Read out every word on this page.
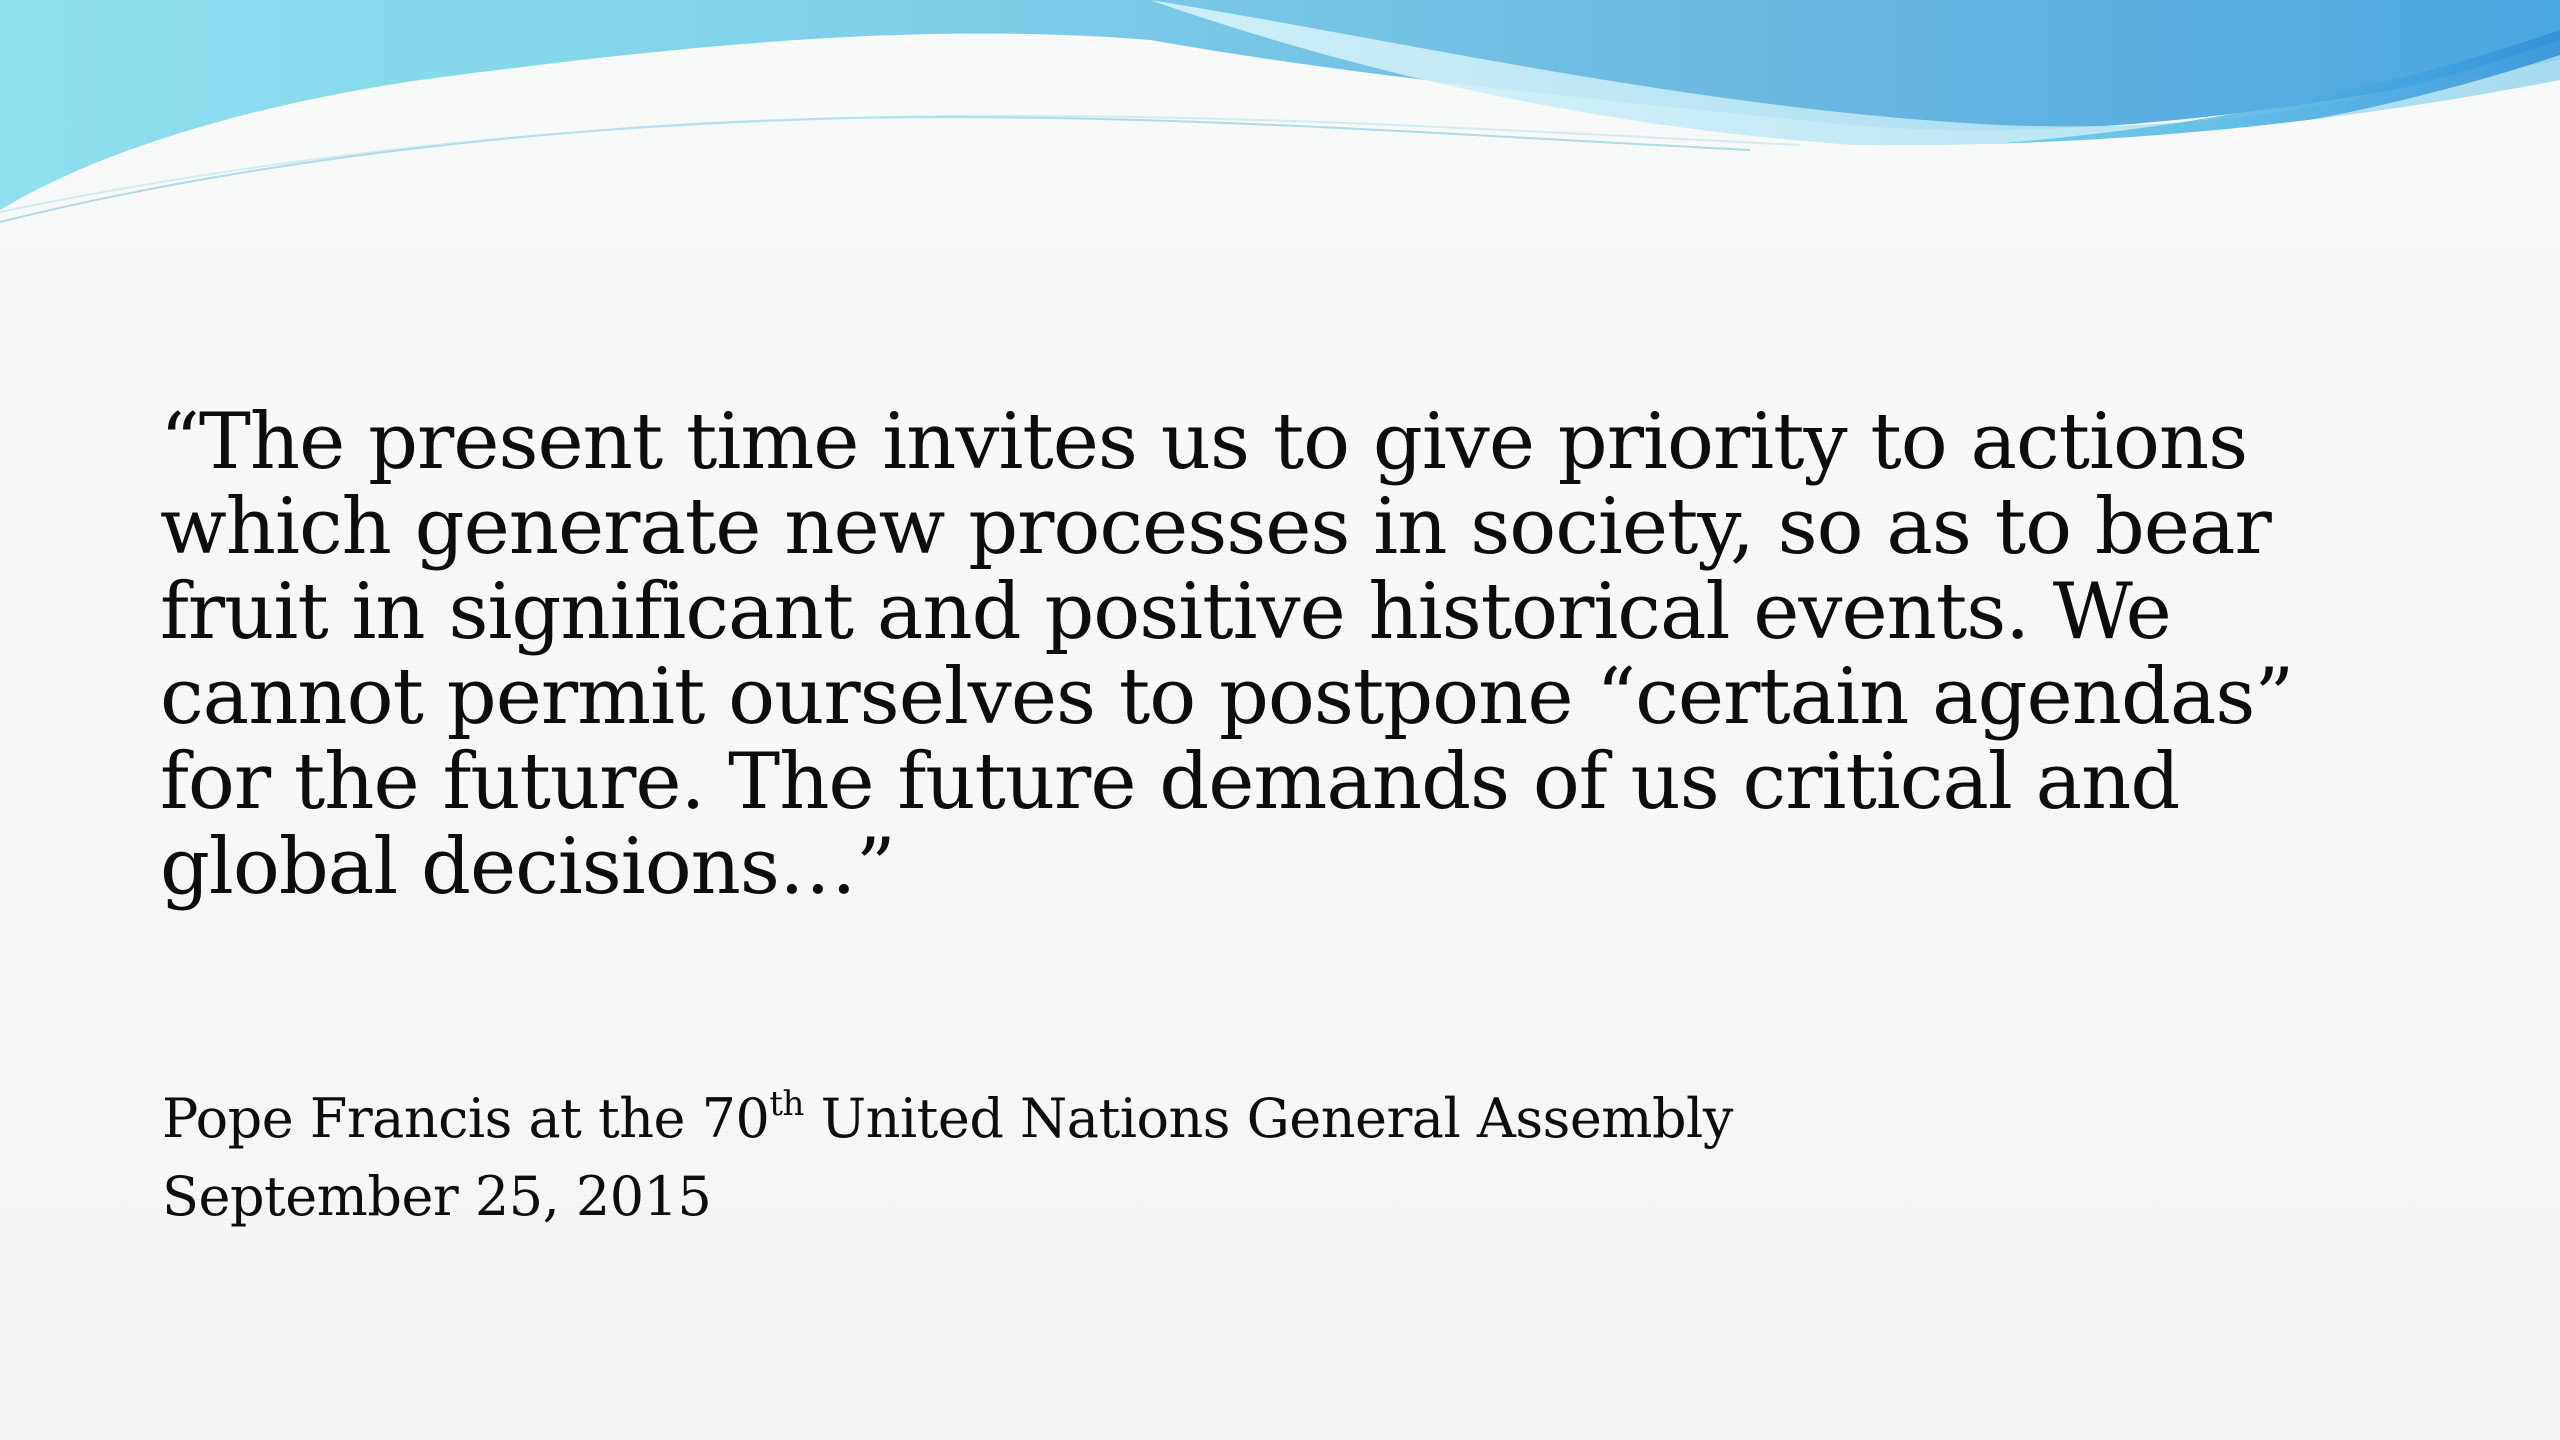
“The present time invites us to give priority to actions
which generate new processes in society, so as to bear
fruit in significant and positive historical events. We
cannot permit ourselves to postpone “certain agendas”
for the future. The future demands of us critical and
global decisions…”

Pope Francis at the 70th United Nations General Assembly
September 25, 2015
